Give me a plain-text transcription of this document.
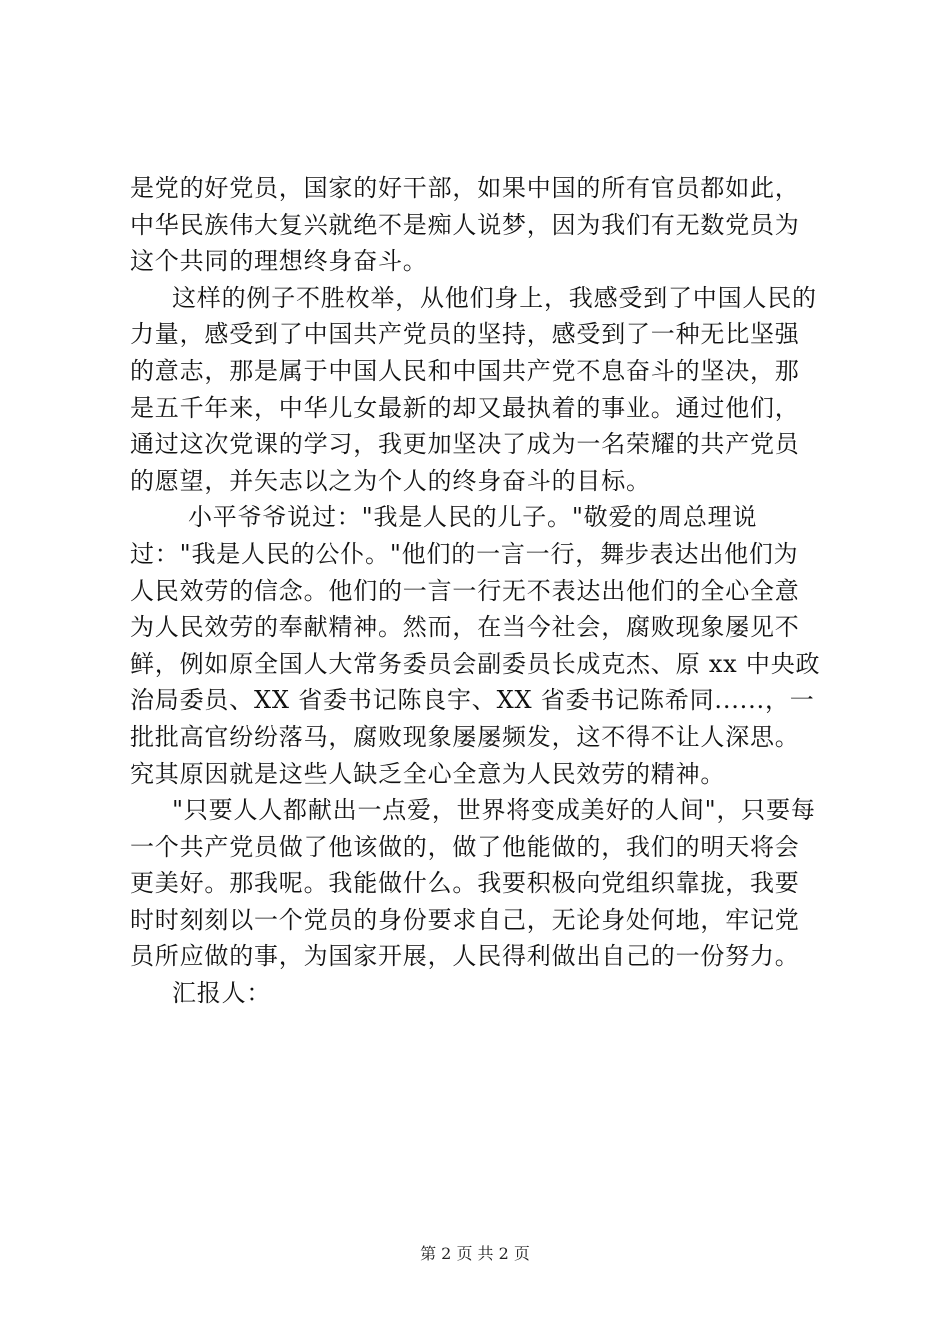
是党的好党员，国家的好干部，如果中国的所有官员都如此，
中华民族伟大复兴就绝不是痴人说梦，因为我们有无数党员为
这个共同的理想终身奋斗。
这样的例子不胜枚举，从他们身上，我感受到了中国人民的
力量，感受到了中国共产党员的坚持，感受到了一种无比坚强
的意志，那是属于中国人民和中国共产党不息奋斗的坚决，那
是五千年来，中华儿女最新的却又最执着的事业。通过他们，
通过这次党课的学习，我更加坚决了成为一名荣耀的共产党员
的愿望，并矢志以之为个人的终身奋斗的目标。
小平爷爷说过："我是人民的儿子。"敬爱的周总理说
过："我是人民的公仆。"他们的一言一行，舞步表达出他们为
人民效劳的信念。他们的一言一行无不表达出他们的全心全意
为人民效劳的奉献精神。然而，在当今社会，腐败现象屡见不
鲜，例如原全国人大常务委员会副委员长成克杰、原 xx 中央政
治局委员、XX 省委书记陈良宇、XX 省委书记陈希同......，一
批批高官纷纷落马，腐败现象屡屡频发，这不得不让人深思。
究其原因就是这些人缺乏全心全意为人民效劳的精神。
"只要人人都献出一点爱，世界将变成美好的人间"，只要每
一个共产党员做了他该做的，做了他能做的，我们的明天将会
更美好。那我呢。我能做什么。我要积极向党组织靠拢，我要
时时刻刻以一个党员的身份要求自己，无论身处何地，牢记党
员所应做的事，为国家开展，人民得利做出自己的一份努力。
汇报人：
第 2 页 共 2 页
